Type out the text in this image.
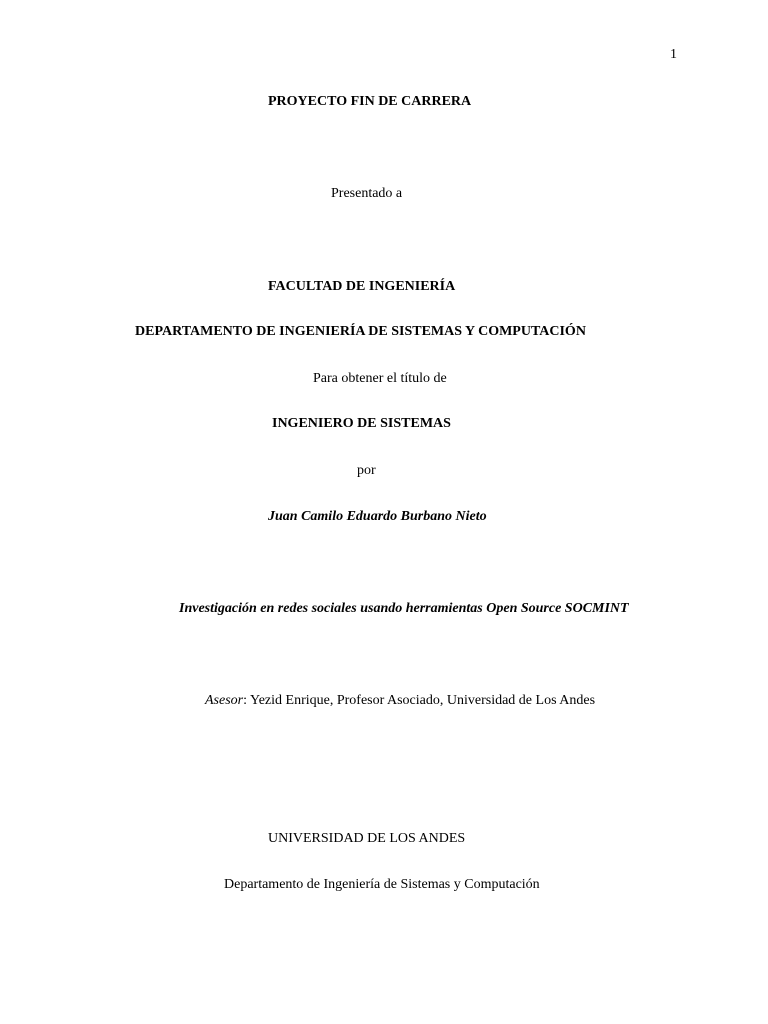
1
PROYECTO FIN DE CARRERA
Presentado a
FACULTAD DE INGENIERÍA
DEPARTAMENTO DE INGENIERÍA DE SISTEMAS Y COMPUTACIÓN
Para obtener el título de
INGENIERO DE SISTEMAS
por
Juan Camilo Eduardo Burbano Nieto
Investigación en redes sociales usando herramientas Open Source SOCMINT
Asesor: Yezid Enrique, Profesor Asociado, Universidad de Los Andes
UNIVERSIDAD DE LOS ANDES
Departamento de Ingeniería de Sistemas y Computación
